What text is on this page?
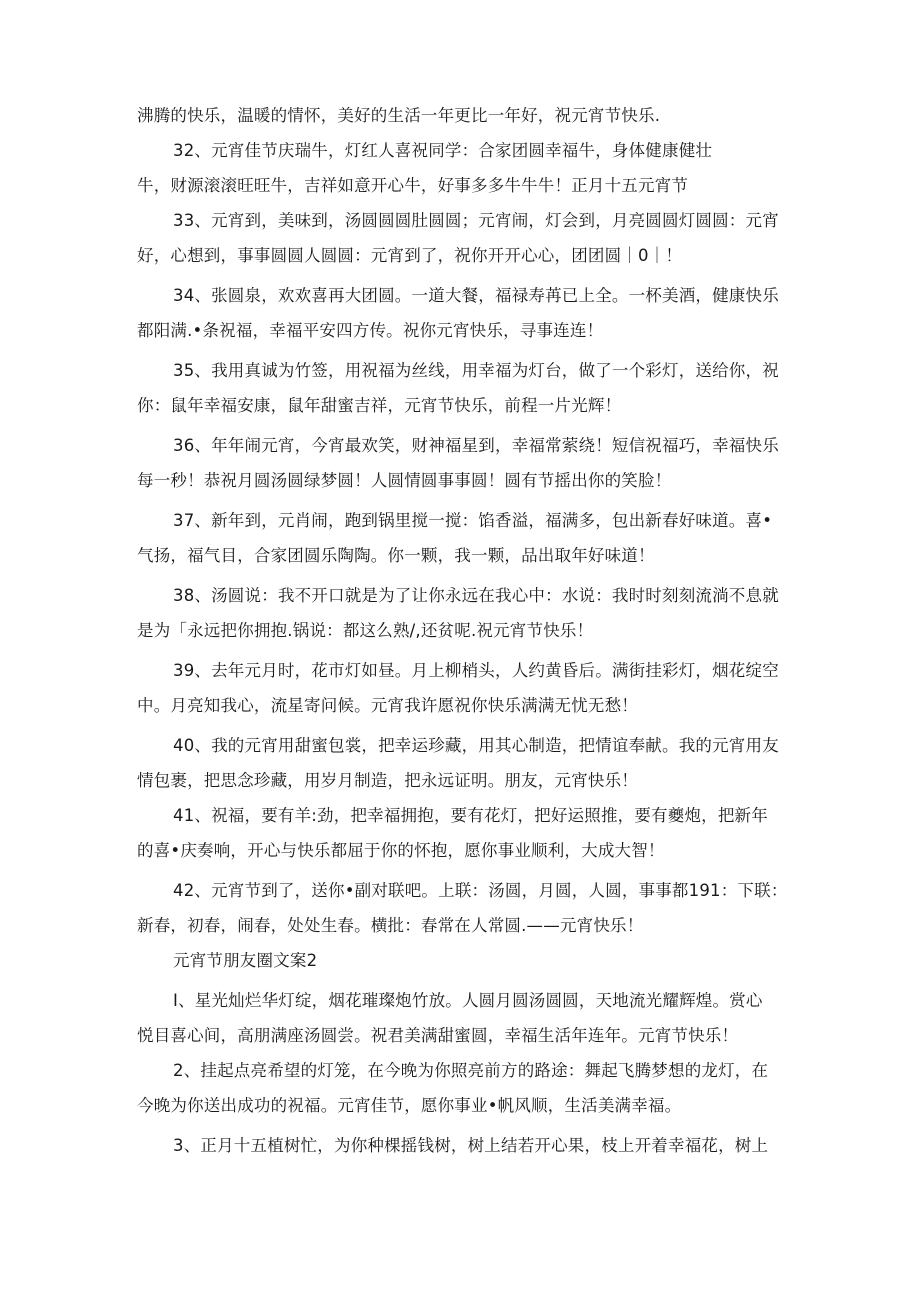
沸腾的快乐，温暖的情怀，美好的生活一年更比一年好，祝元宵节快乐.
32、元宵佳节庆瑞牛，灯红人喜祝同学：合家团圆幸福牛，身体健康健壮
牛，财源滚滚旺旺牛，吉祥如意开心牛，好事多多牛牛牛！正月十五元宵节
33、元宵到，美味到，汤圆圆圆肚圆圆；元宵闹，灯会到，月亮圆圆灯圆圆：元宵
好，心想到，事事圆圆人圆圆：元宵到了，祝你开开心心，团团圆｜0｜！
34、张圆泉，欢欢喜再大团圆。一道大餐，福禄寿苒已上全。一杯美酒，健康快乐
都阳满.•条祝福，幸福平安四方传。祝你元宵快乐，寻事连连！
35、我用真诚为竹签，用祝福为丝线，用幸福为灯台，做了一个彩灯，送给你，祝
你：鼠年幸福安康，鼠年甜蜜吉祥，元宵节快乐，前程一片光辉！
36、年年闹元宵，今宵最欢笑，财神福星到，幸福常萦绕！短信祝福巧，幸福快乐
每一秒！恭祝月圆汤圆绿梦圆！人圆情圆事事圆！圆有节摇出你的笑脸！
37、新年到，元肖闹，跑到锅里搅一搅：馅香溢，福满多，包出新春好味道。喜•
气扬，福气目，合家团圆乐陶陶。你一颗，我一颗，品出取年好味道！
38、汤圆说：我不开口就是为了让你永远在我心中：水说：我时时刻刻流淌不息就
是为「永远把你拥抱.锅说：都这么熟/,还贫呢.祝元宵节快乐！
39、去年元月时，花市灯如昼。月上柳梢头，人约黄昏后。满街挂彩灯，烟花绽空
中。月亮知我心，流星寄问候。元宵我许愿祝你快乐满满无忧无愁！
40、我的元宵用甜蜜包裳，把幸运珍藏，用其心制造，把情谊奉献。我的元宵用友
情包裹，把思念珍藏，用岁月制造，把永远证明。朋友，元宵快乐！
41、祝福，要有羊:劲，把幸福拥抱，要有花灯，把好运照推，要有夔炮，把新年
的喜•庆奏响，开心与快乐都屈于你的怀抱，愿你事业顺利，大成大智！
42、元宵节到了，送你•副对联吧。上联：汤圆，月圆，人圆，事事都191：下联：
新春，初春，闹春，处处生春。横批：春常在人常圆.——元宵快乐！
元宵节朋友圈文案2
I、星光灿烂华灯绽，烟花璀璨炮竹放。人圆月圆汤圆圆，天地流光耀辉煌。赏心
悦目喜心间，高朋满座汤圆尝。祝君美满甜蜜圆，幸福生活年连年。元宵节快乐！
2、挂起点亮希望的灯笼，在今晚为你照亮前方的路途：舞起飞腾梦想的龙灯，在
今晚为你送出成功的祝福。元宵佳节，愿你事业•帆风顺，生活美满幸福。
3、正月十五植树忙，为你种棵摇钱树，树上结若开心果，枝上开着幸福花，树上
